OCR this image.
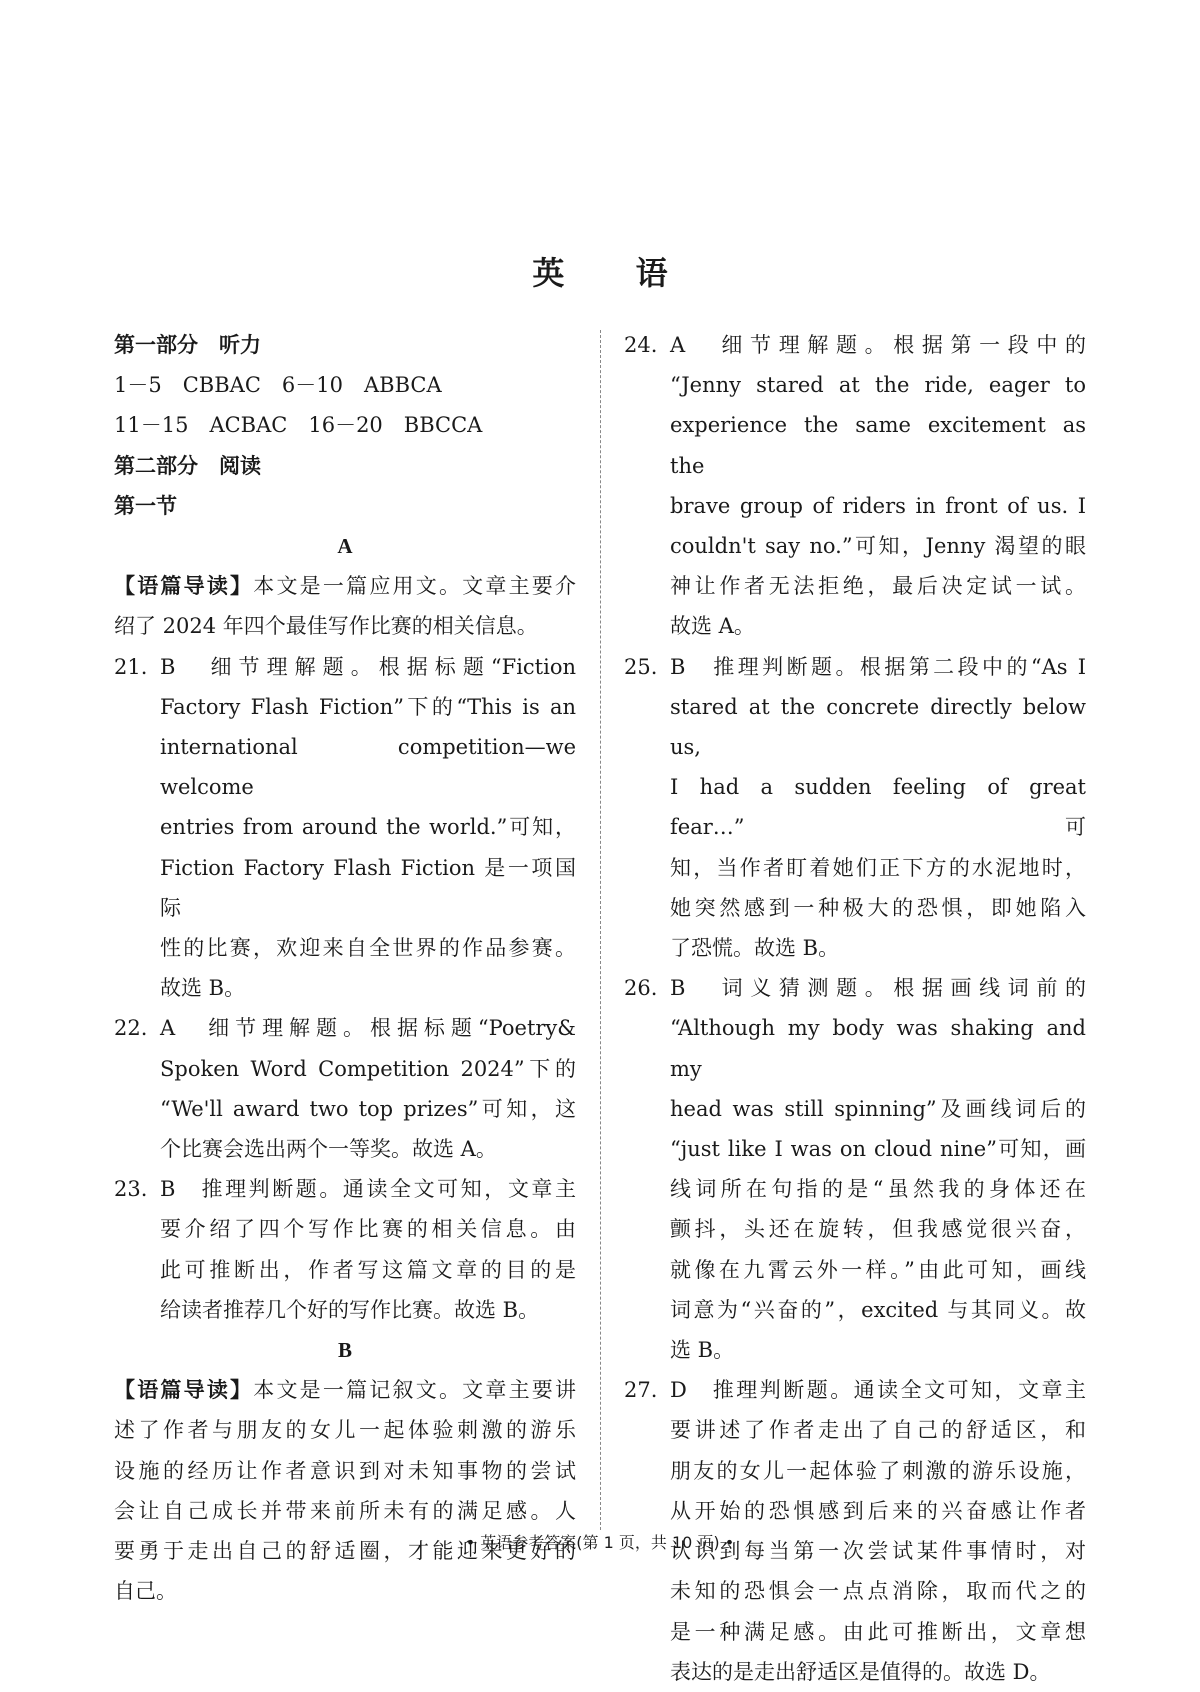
英 语
第一部分　听力
1－5　CBBAC　6－10　ABBCA
11－15　ACBAC　16－20　BBCCA
第二部分　阅读
第一节
A
【语篇导读】本文是一篇应用文。文章主要介
绍了 2024 年四个最佳写作比赛的相关信息。
21. B　细节理解题。根据标题“Fiction
Factory Flash Fiction”下的“This is an
international competition—we welcome
entries from around the world.”可知，
Fiction Factory Flash Fiction 是一项国际
性的比赛，欢迎来自全世界的作品参赛。
故选 B。
22. A　细节理解题。根据标题“Poetry&
Spoken Word Competition 2024”下的
“We'll award two top prizes”可知，这
个比赛会选出两个一等奖。故选 A。
23. B　推理判断题。通读全文可知，文章主
要介绍了四个写作比赛的相关信息。由
此可推断出，作者写这篇文章的目的是
给读者推荐几个好的写作比赛。故选 B。
B
【语篇导读】本文是一篇记叙文。文章主要讲
述了作者与朋友的女儿一起体验刺激的游乐
设施的经历让作者意识到对未知事物的尝试
会让自己成长并带来前所未有的满足感。人
要勇于走出自己的舒适圈，才能迎来更好的
自己。
24. A　细节理解题。根据第一段中的
“Jenny stared at the ride, eager to
experience the same excitement as the
brave group of riders in front of us. I
couldn't say no.”可知，Jenny 渴望的眼
神让作者无法拒绝，最后决定试一试。
故选 A。
25. B　推理判断题。根据第二段中的“As I
stared at the concrete directly below us,
I had a sudden feeling of great fear…”可
知，当作者盯着她们正下方的水泥地时，
她突然感到一种极大的恐惧，即她陷入
了恐慌。故选 B。
26. B　词义猜测题。根据画线词前的
“Although my body was shaking and my
head was still spinning”及画线词后的
“just like I was on cloud nine”可知，画
线词所在句指的是“虽然我的身体还在
颤抖，头还在旋转，但我感觉很兴奋，
就像在九霄云外一样。”由此可知，画线
词意为“兴奋的”，excited 与其同义。故
选 B。
27. D　推理判断题。通读全文可知，文章主
要讲述了作者走出了自己的舒适区，和
朋友的女儿一起体验了刺激的游乐设施，
从开始的恐惧感到后来的兴奋感让作者
认识到每当第一次尝试某件事情时，对
未知的恐惧会一点点消除，取而代之的
是一种满足感。由此可推断出，文章想
表达的是走出舒适区是值得的。故选 D。
• 英语参考答案(第 1 页，共 10 页) •
